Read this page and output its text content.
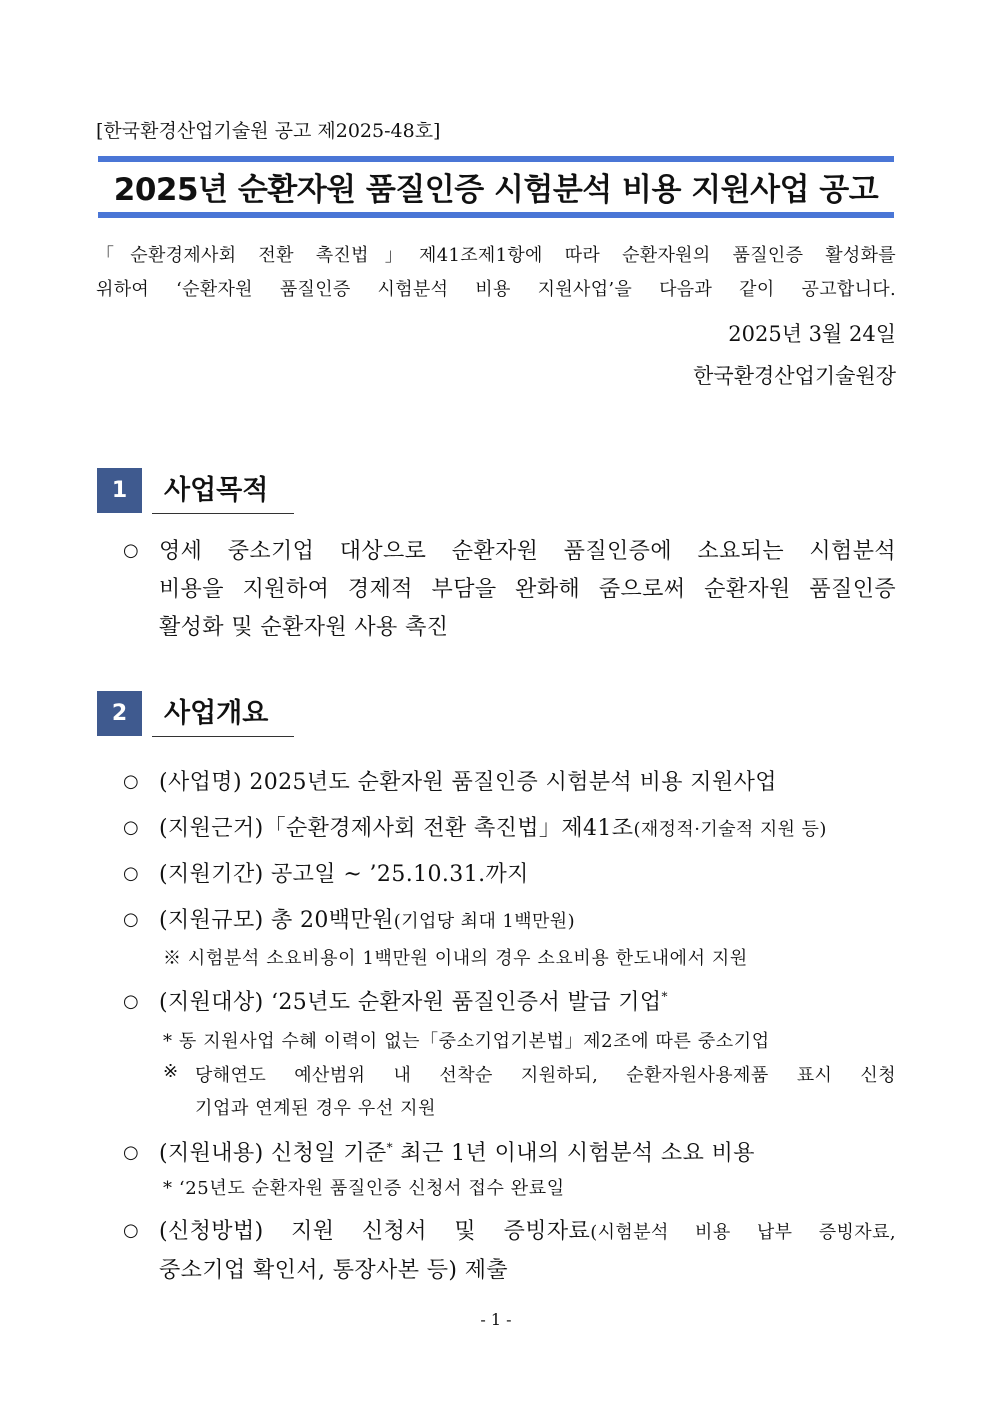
[한국환경산업기술원 공고 제2025-48호]
2025년 순환자원 품질인증 시험분석 비용 지원사업 공고
「순환경제사회 전환 촉진법」제41조제1항에 따라 순환자원의 품질인증 활성화를
위하여 ‘순환자원 품질인증 시험분석 비용 지원사업’을 다음과 같이 공고합니다.
2025년 3월 24일
한국환경산업기술원장
1	사업목적
○ 영세 중소기업 대상으로 순환자원 품질인증에 소요되는 시험분석
비용을 지원하여 경제적 부담을 완화해 줌으로써 순환자원 품질인증
활성화 및 순환자원 사용 촉진
2	사업개요
○ (사업명) 2025년도 순환자원 품질인증 시험분석 비용 지원사업
○ (지원근거)「순환경제사회 전환 촉진법」제41조(재정적·기술적 지원 등)
○ (지원기간) 공고일 ~ ’25.10.31.까지
○ (지원규모) 총 20백만원(기업당 최대 1백만원)
※ 시험분석 소요비용이 1백만원 이내의 경우 소요비용 한도내에서 지원
○ (지원대상) ‘25년도 순환자원 품질인증서 발급 기업*
* 동 지원사업 수혜 이력이 없는「중소기업기본법」제2조에 따른 중소기업
※ 당해연도 예산범위 내 선착순 지원하되, 순환자원사용제품 표시 신청
기업과 연계된 경우 우선 지원
○ (지원내용) 신청일 기준* 최근 1년 이내의 시험분석 소요 비용
* ‘25년도 순환자원 품질인증 신청서 접수 완료일
○ (신청방법) 지원 신청서 및 증빙자료(시험분석 비용 납부 증빙자료,
중소기업 확인서, 통장사본 등) 제출
- 1 -
